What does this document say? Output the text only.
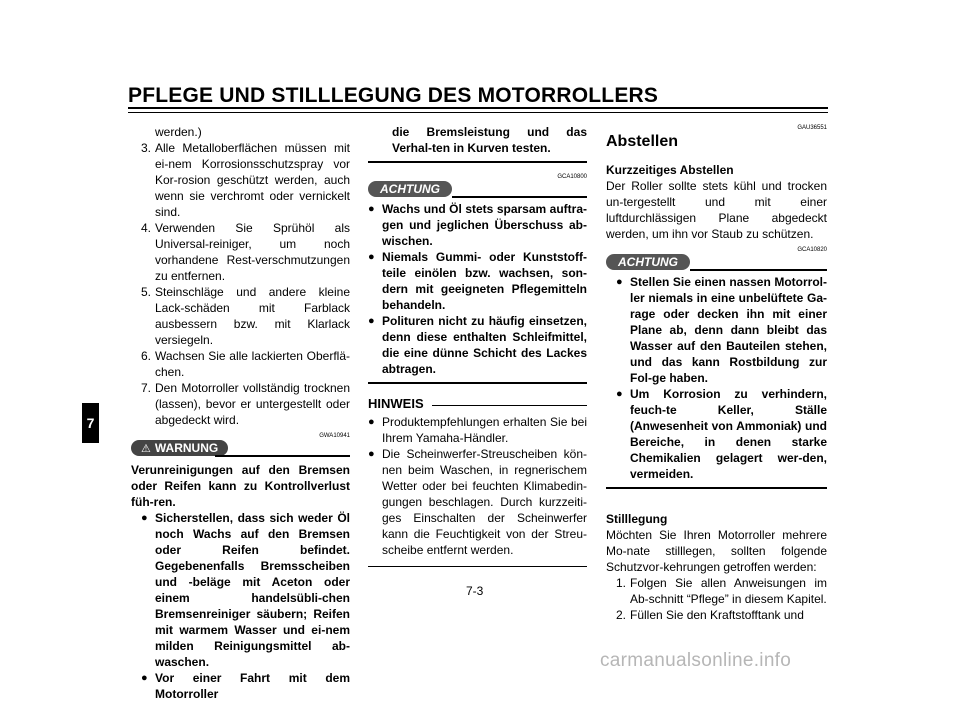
PFLEGE UND STILLLEGUNG DES MOTORROLLERS
7

werden.)

3. Alle Metalloberflächen müssen mit ei-nem Korrosionsschutzspray vor Kor-rosion geschützt werden, auch wenn sie verchromt oder vernickelt sind.
4. Verwenden Sie Sprühöl als Universal-reiniger, um noch vorhandene Rest-verschmutzungen zu entfernen.
5. Steinschläge und andere kleine Lack-schäden mit Farblack ausbessern bzw. mit Klarlack versiegeln.
6. Wachsen Sie alle lackierten Oberflä-chen.
7. Den Motorroller vollständig trocknen (lassen), bevor er untergestellt oder abgedeckt wird.
GWA10941
⚠ WARNUNG

Verunreinigungen auf den Bremsen oder Reifen kann zu Kontrollverlust füh-ren.

● Sicherstellen, dass sich weder Öl noch Wachs auf den Bremsen oder Reifen befindet. Gegebenenfalls Bremsscheiben und -beläge mit Aceton oder einem handelsübli-chen Bremsenreiniger säubern; Reifen mit warmem Wasser und ei-nem milden Reinigungsmittel ab-waschen.
● Vor einer Fahrt mit dem Motorroller

die Bremsleistung und das Verhal-ten in Kurven testen.

GCA10800
ACHTUNG
● Wachs und Öl stets sparsam auftra-gen und jeglichen Überschuss ab-wischen.
● Niemals Gummi- oder Kunststoff-teile einölen bzw. wachsen, son-dern mit geeigneten Pflegemitteln behandeln.
● Polituren nicht zu häufig einsetzen, denn diese enthalten Schleifmittel, die eine dünne Schicht des Lackes abtragen.
HINWEIS
● Produktempfehlungen erhalten Sie bei Ihrem Yamaha-Händler.
● Die Scheinwerfer-Streuscheiben kön-nen beim Waschen, in regnerischem Wetter oder bei feuchten Klimabedin-gungen beschlagen. Durch kurzzeiti-ges Einschalten der Scheinwerfer kann die Feuchtigkeit von der Streu-scheibe entfernt werden.
GAU36551
Abstellen

Kurzzeitiges Abstellen

Der Roller sollte stets kühl und trocken un-tergestellt und mit einer luftdurchlässigen Plane abgedeckt werden, um ihn vor Staub zu schützen.

GCA10820
ACHTUNG
● Stellen Sie einen nassen Motorrol-ler niemals in eine unbelüftete Ga-rage oder decken ihn mit einer Plane ab, denn dann bleibt das Wasser auf den Bauteilen stehen, und das kann Rostbildung zur Fol-ge haben.
● Um Korrosion zu verhindern, feuch-te Keller, Ställe (Anwesenheit von Ammoniak) und Bereiche, in denen starke Chemikalien gelagert wer-den, vermeiden.

Stilllegung

Möchten Sie Ihren Motorroller mehrere Mo-nate stilllegen, sollten folgende Schutzvor-kehrungen getroffen werden:

1. Folgen Sie allen Anweisungen im Ab-schnitt “Pflege” in diesem Kapitel.
2. Füllen Sie den Kraftstofftank und
7-3
carmanualsonline.info
